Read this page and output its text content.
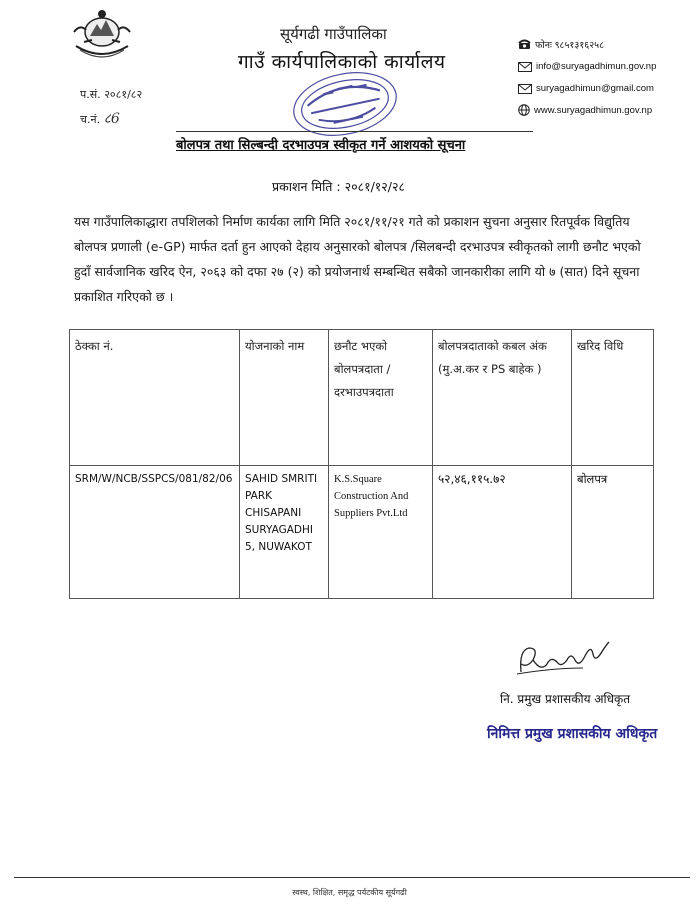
सूर्यगढी गाउँपालिका
गाउँ कार्यपालिकाको कार्यालय
फोनः ९८५१३१६२५८
info@suryagadhimun.gov.np
suryagadhimun@gmail.com
www.suryagadhimun.gov.np
प.सं. २०८१/८२
च.नं. ८6
बोलपत्र तथा सिल्बन्दी दरभाउपत्र स्वीकृत गर्ने आशयको सूचना
प्रकाशन मिति : २०८१/१२/२८
यस गाउँपालिकाद्धारा तपशिलको निर्माण कार्यका लागि मिति २०८१/११/२१ गते को प्रकाशन सुचना अनुसार रितपूर्वक विद्युतिय बोलपत्र प्रणाली (e-GP) मार्फत दर्ता हुन आएको देहाय अनुसारको बोलपत्र /सिलबन्दी दरभाउपत्र स्वीकृतको लागी छनौट भएको हुदाँ सार्वजानिक खरिद ऐन, २०६३ को दफा २७ (२) को प्रयोजनार्थ सम्बन्धित सबैको जानकारीका लागि यो ७ (सात) दिने सूचना प्रकाशित गरिएको छ ।
ठेक्का नं.	योजनाको नाम	छनौट भएको बोलपत्रदाता / दरभाउपत्रदाता	बोलपत्रदाताको कबल अंक (मु.अ.कर र PS बाहेक )	खरिद विधि
SRM/W/NCB/SSPCS/081/82/06	SAHID SMRITI PARK CHISAPANI SURYAGADHI 5, NUWAKOT	K.S.Square Construction And Suppliers Pvt.Ltd	५२,४६,११५.७२	बोलपत्र
नि. प्रमुख प्रशासकीय अधिकृत
निमित्त प्रमुख प्रशासकीय अधिकृत
स्वस्थ, शिक्षित, समृद्ध पर्यटकीय सूर्यगढी
